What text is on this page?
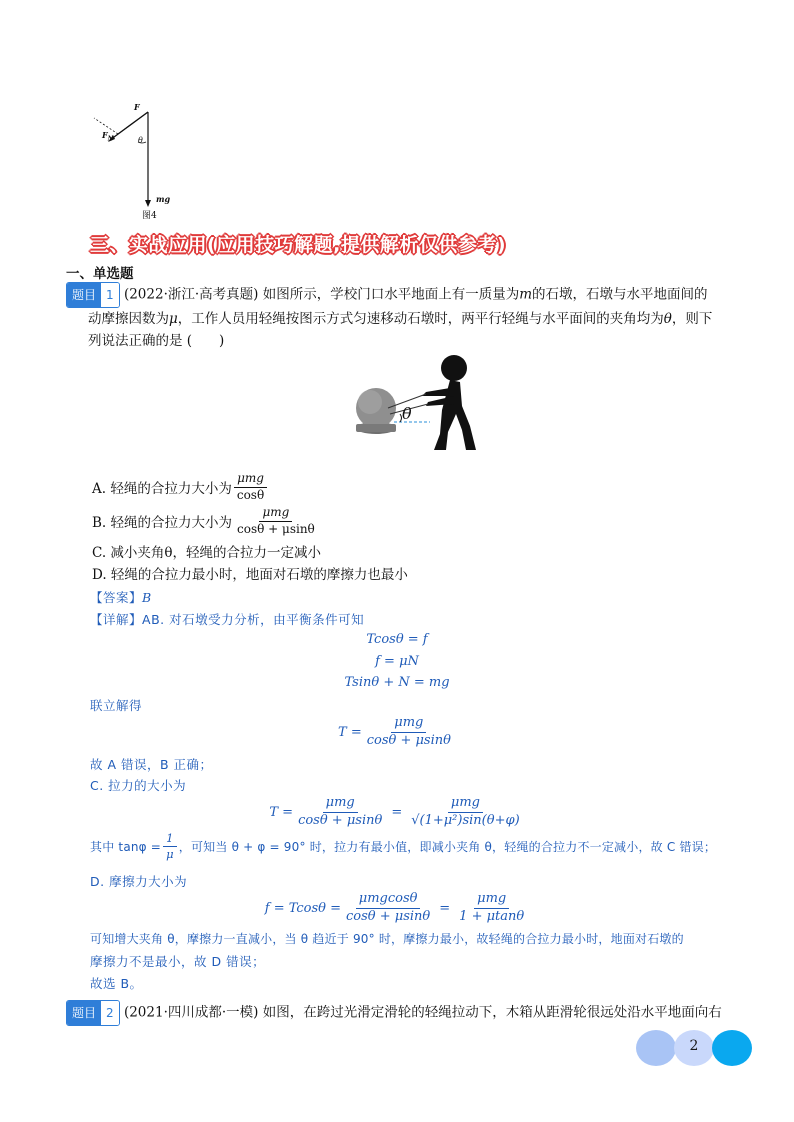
F
$F_N$	θ
mg
图4
三、实战应用(应用技巧解题,提供解析仅供参考)
一、单选题
题目 1 (2022·浙江·高考真题) 如图所示，学校门口水平地面上有一质量为m的石墩，石墩与水平地面间的
动摩擦因数为μ，工作人员用轻绳按图示方式匀速移动石墩时，两平行轻绳与水平面间的夹角均为θ，则下
列说法正确的是 (　　)
θ
A. 轻绳的合拉力大小为 $\frac{\text{μmg}}{\cos\theta}$
B. 轻绳的合拉力大小为 $\frac{\text{μmg}}{\cos\theta + \mu\sin\theta}$
C. 减小夹角θ，轻绳的合拉力一定减小
D. 轻绳的合拉力最小时，地面对石墩的摩擦力也最小
【答案】B
【详解】AB. 对石墩受力分析，由平衡条件可知
Tcosθ = f
f = μN
Tsinθ + N = mg
联立解得
$T = \frac{\text{μmg}}{\cos\theta + \mu\sin\theta}$
故 A 错误，B 正确；
C. 拉力的大小为
$T = \frac{\text{μmg}}{\cos\theta + \mu\sin\theta} = \frac{\text{μmg}}{\text{√(1+μ²)sin(θ+φ)}}$
其中 $\tan\varphi = \frac{1}{\mu}$ ，可知当 θ + φ = 90° 时，拉力有最小值，即减小夹角 θ，轻绳的合拉力不一定减小，故 C 错误；
D. 摩擦力大小为
$f = Tcos\theta = \frac{\text{μmgcosθ}}{\cos\theta + \mu\sin\theta} = \frac{\text{μmg}}{1 + \mu\tan\theta}$
可知增大夹角 θ，摩擦力一直减小，当 θ 趋近于 90° 时，摩擦力最小，故轻绳的合拉力最小时，地面对石墩的
摩擦力不是最小，故 D 错误；
故选 B。
题目 2 (2021·四川成都·一模) 如图，在跨过光滑定滑轮的轻绳拉动下，木箱从距滑轮很远处沿水平地面向右
2
